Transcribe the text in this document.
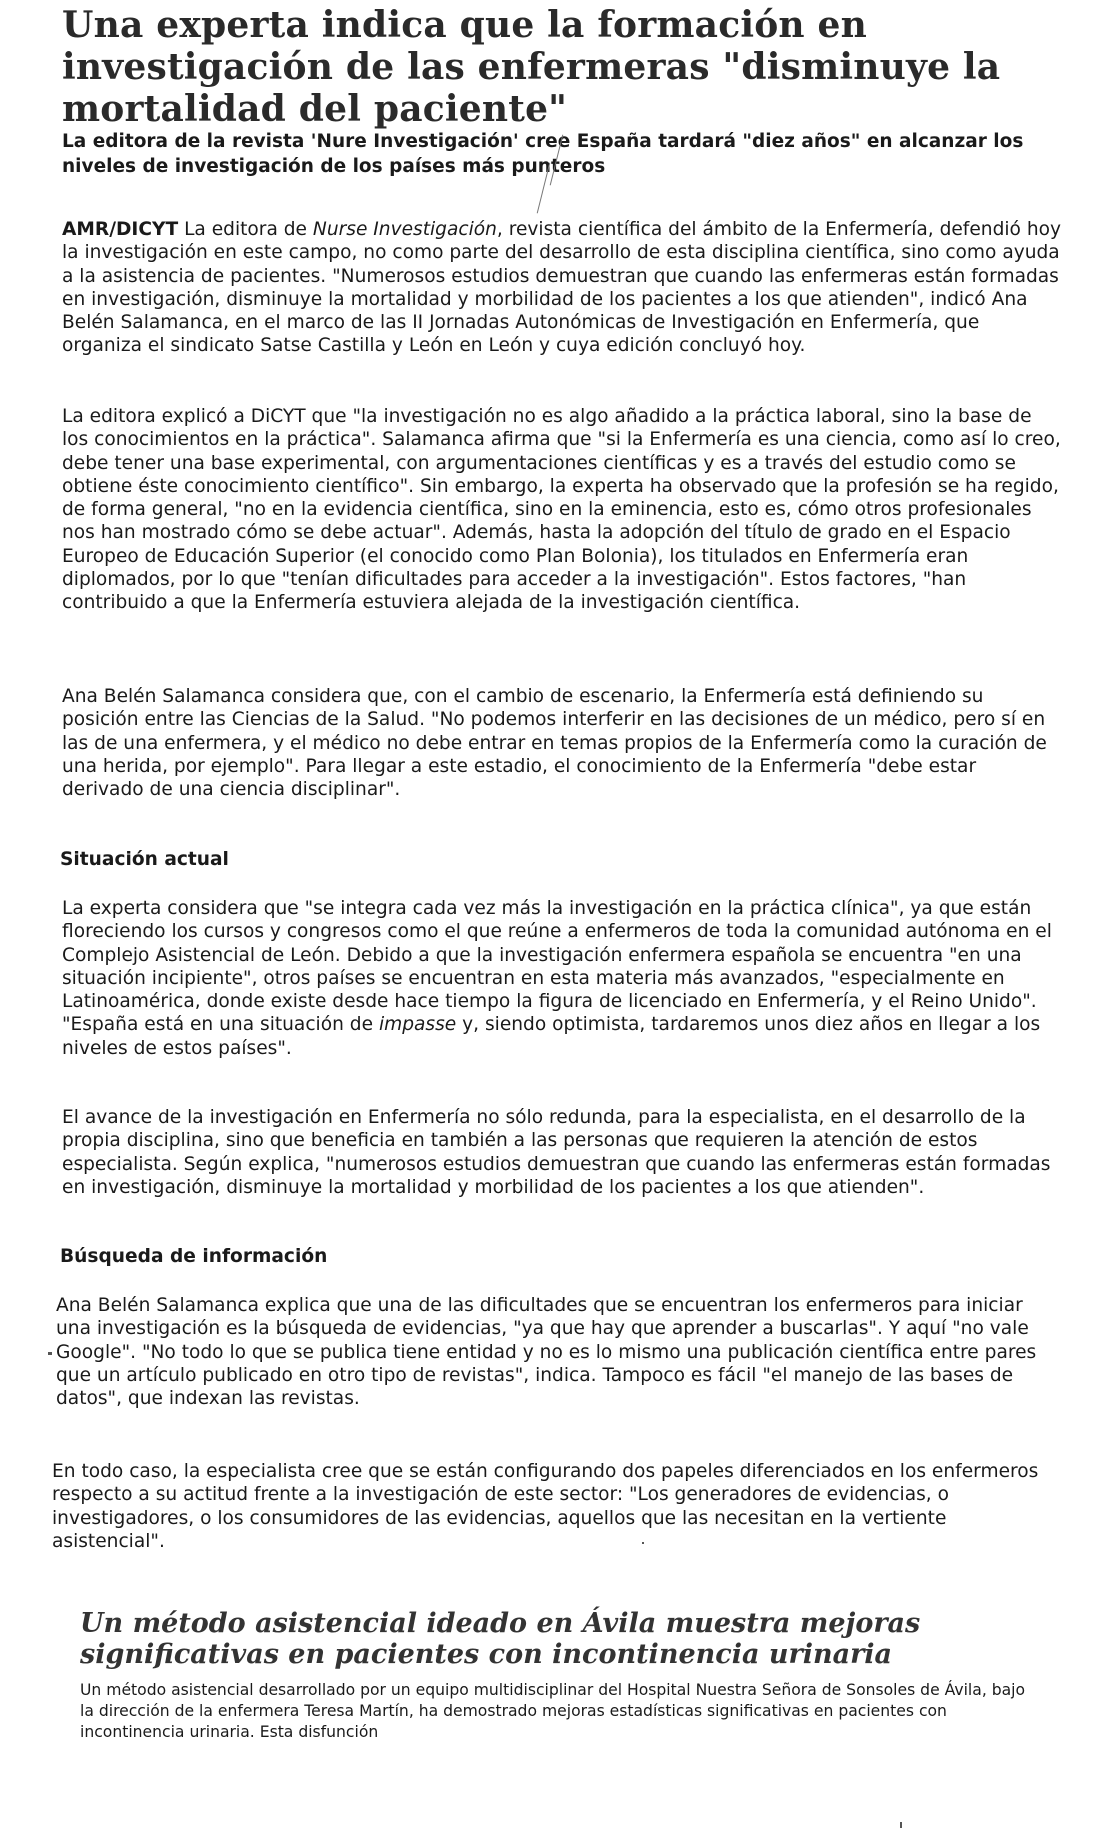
Una experta indica que la formación en investigación de las enfermeras "disminuye la mortalidad del paciente"

La editora de la revista 'Nure Investigación' cree España tardará "diez años" en alcanzar los niveles de investigación de los países más punteros

AMR/DICYT La editora de Nurse Investigación, revista científica del ámbito de la Enfermería, defendió hoy la investigación en este campo, no como parte del desarrollo de esta disciplina científica, sino como ayuda a la asistencia de pacientes. "Numerosos estudios demuestran que cuando las enfermeras están formadas en investigación, disminuye la mortalidad y morbilidad de los pacientes a los que atienden", indicó Ana Belén Salamanca, en el marco de las II Jornadas Autonómicas de Investigación en Enfermería, que organiza el sindicato Satse Castilla y León en León y cuya edición concluyó hoy.

La editora explicó a DiCYT que "la investigación no es algo añadido a la práctica laboral, sino la base de los conocimientos en la práctica". Salamanca afirma que "si la Enfermería es una ciencia, como así lo creo, debe tener una base experimental, con argumentaciones científicas y es a través del estudio como se obtiene éste conocimiento científico". Sin embargo, la experta ha observado que la profesión se ha regido, de forma general, "no en la evidencia científica, sino en la eminencia, esto es, cómo otros profesionales nos han mostrado cómo se debe actuar". Además, hasta la adopción del título de grado en el Espacio Europeo de Educación Superior (el conocido como Plan Bolonia), los titulados en Enfermería eran diplomados, por lo que "tenían dificultades para acceder a la investigación". Estos factores, "han contribuido a que la Enfermería estuviera alejada de la investigación científica.

Ana Belén Salamanca considera que, con el cambio de escenario, la Enfermería está definiendo su posición entre las Ciencias de la Salud. "No podemos interferir en las decisiones de un médico, pero sí en las de una enfermera, y el médico no debe entrar en temas propios de la Enfermería como la curación de una herida, por ejemplo". Para llegar a este estadio, el conocimiento de la Enfermería "debe estar derivado de una ciencia disciplinar".

Situación actual

La experta considera que "se integra cada vez más la investigación en la práctica clínica", ya que están floreciendo los cursos y congresos como el que reúne a enfermeros de toda la comunidad autónoma en el Complejo Asistencial de León. Debido a que la investigación enfermera española se encuentra "en una situación incipiente", otros países se encuentran en esta materia más avanzados, "especialmente en Latinoamérica, donde existe desde hace tiempo la figura de licenciado en Enfermería, y el Reino Unido". "España está en una situación de impasse y, siendo optimista, tardaremos unos diez años en llegar a los niveles de estos países".

El avance de la investigación en Enfermería no sólo redunda, para la especialista, en el desarrollo de la propia disciplina, sino que beneficia en también a las personas que requieren la atención de estos especialista. Según explica, "numerosos estudios demuestran que cuando las enfermeras están formadas en investigación, disminuye la mortalidad y morbilidad de los pacientes a los que atienden".

Búsqueda de información

Ana Belén Salamanca explica que una de las dificultades que se encuentran los enfermeros para iniciar una investigación es la búsqueda de evidencias, "ya que hay que aprender a buscarlas". Y aquí "no vale Google". "No todo lo que se publica tiene entidad y no es lo mismo una publicación científica entre pares que un artículo publicado en otro tipo de revistas", indica. Tampoco es fácil "el manejo de las bases de datos", que indexan las revistas.

En todo caso, la especialista cree que se están configurando dos papeles diferenciados en los enfermeros respecto a su actitud frente a la investigación de este sector: "Los generadores de evidencias, o investigadores, o los consumidores de las evidencias, aquellos que las necesitan en la vertiente asistencial".

Un método asistencial ideado en Ávila muestra mejoras significativas en pacientes con incontinencia urinaria

Un método asistencial desarrollado por un equipo multidisciplinar del Hospital Nuestra Señora de Sonsoles de Ávila, bajo la dirección de la enfermera Teresa Martín, ha demostrado mejoras estadísticas significativas en pacientes con incontinencia urinaria. Esta disfunción
